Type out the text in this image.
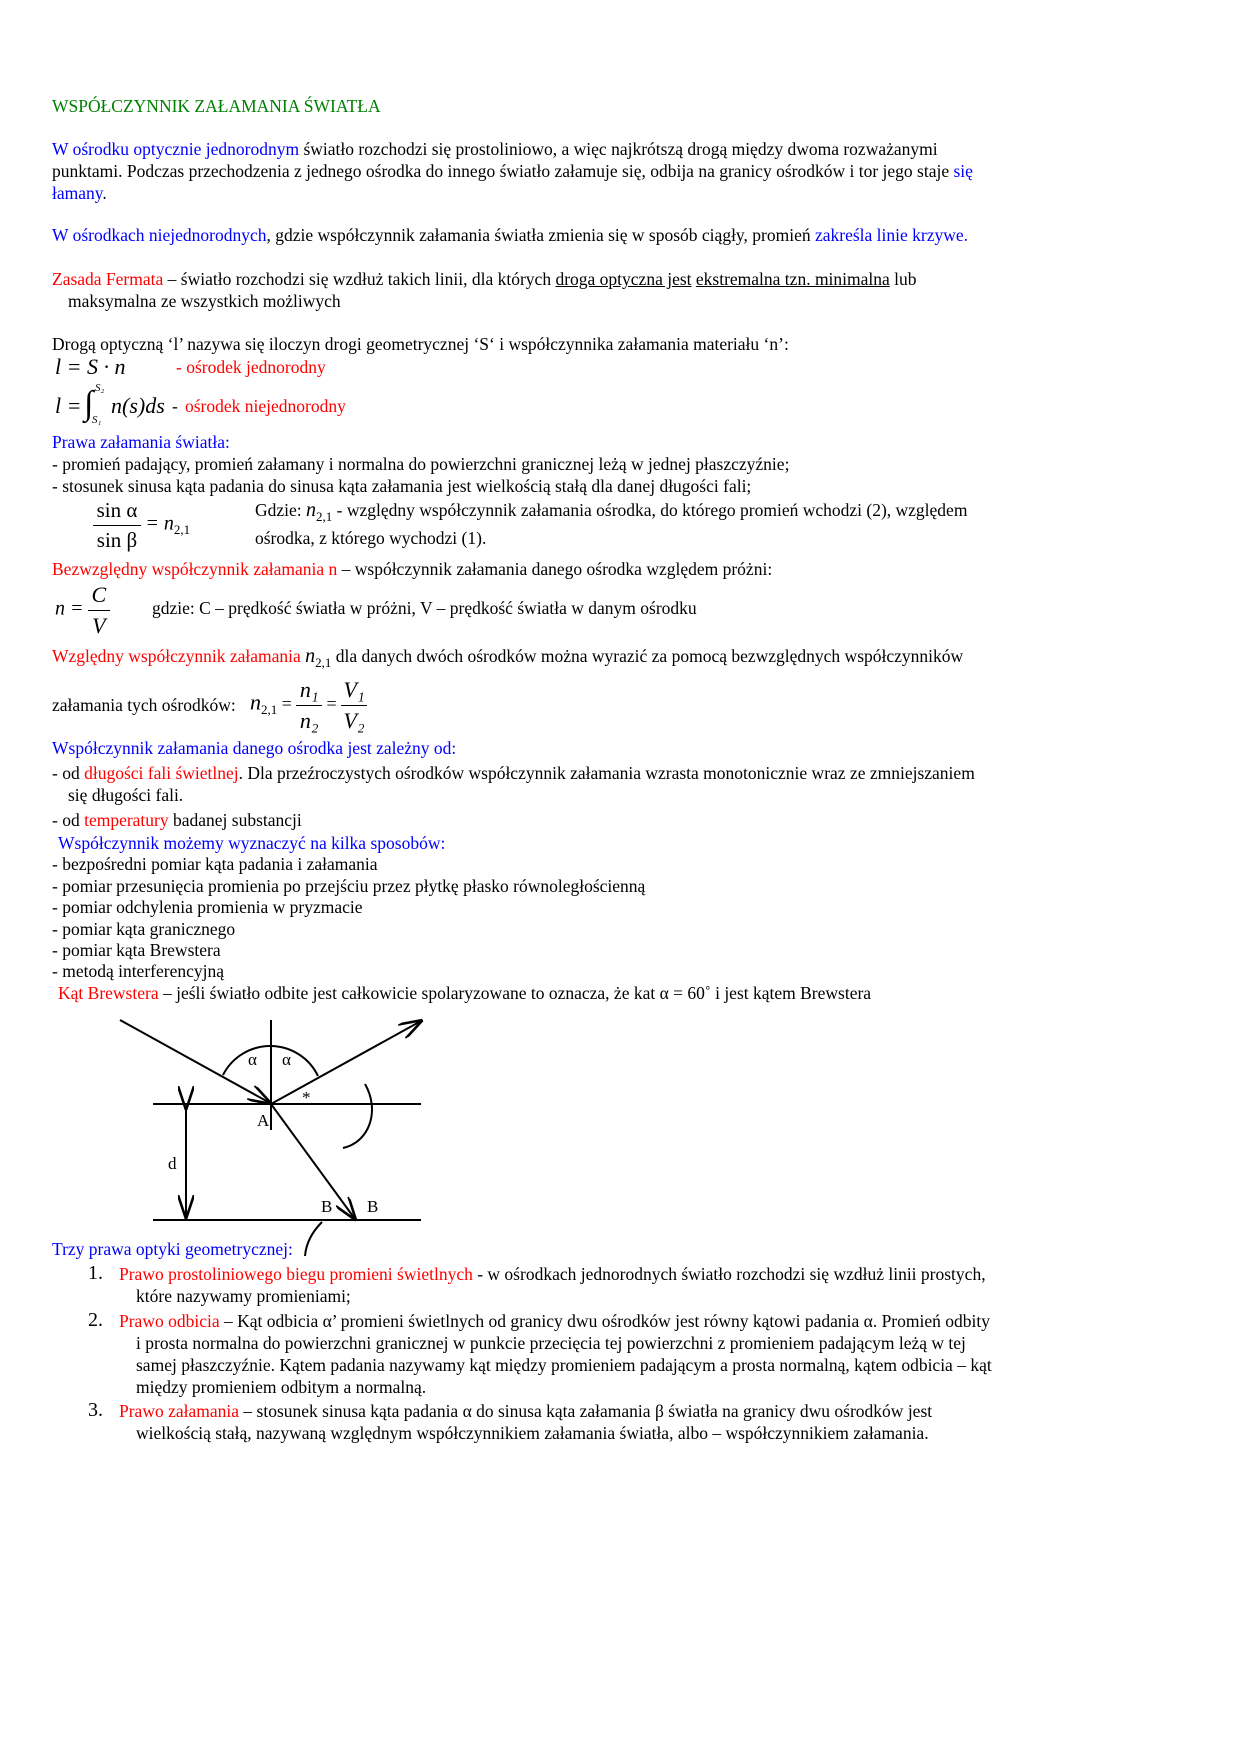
WSPÓŁCZYNNIK ZAŁAMANIA ŚWIATŁA
W ośrodku optycznie jednorodnym światło rozchodzi się prostoliniowo, a więc najkrótszą drogą między dwoma rozważanymi
punktami. Podczas przechodzenia z jednego ośrodka do innego światło załamuje się, odbija na granicy ośrodków i tor jego staje się
łamany.
W ośrodkach niejednorodnych, gdzie współczynnik załamania światła zmienia się w sposób ciągły, promień zakreśla linie krzywe.
Zasada Fermata – światło rozchodzi się wzdłuż takich linii, dla których droga optyczna jest ekstremalna tzn. minimalna lub
maksymalna ze wszystkich możliwych
Drogą optyczną ‘l’ nazywa się iloczyn drogi geometrycznej ‘S‘ i współczynnika załamania materiału ‘n’:
Prawa załamania światła:
- promień padający, promień załamany i normalna do powierzchni granicznej leżą w jednej płaszczyźnie;
- stosunek sinusa kąta padania do sinusa kąta załamania jest wielkością stałą dla danej długości fali;
Gdzie: $n_{2,1}$ - względny współczynnik załamania ośrodka, do którego promień wchodzi (2), względem
ośrodka, z którego wychodzi (1).
Bezwzględny współczynnik załamania n – współczynnik załamania danego ośrodka względem próżni:
gdzie: C – prędkość światła w próżni, V – prędkość światła w danym ośrodku
Względny współczynnik załamania $n_{2,1}$ dla danych dwóch ośrodków można wyrazić za pomocą bezwzględnych współczynników
załamania tych ośrodków:
Współczynnik załamania danego ośrodka jest zależny od:
- od długości fali świetlnej. Dla przeźroczystych ośrodków współczynnik załamania wzrasta monotonicznie wraz ze zmniejszaniem
się długości fali.
- od temperatury badanej substancji
Współczynnik możemy wyznaczyć na kilka sposobów:
- bezpośredni pomiar kąta padania i załamania
- pomiar przesunięcia promienia po przejściu przez płytkę płasko równoległościenną
- pomiar odchylenia promienia w pryzmacie
- pomiar kąta granicznego
- pomiar kąta Brewstera
- metodą interferencyjną
Kąt Brewstera – jeśli światło odbite jest całkowicie spolaryzowane to oznacza, że kat α = 60˚ i jest kątem Brewstera
Trzy prawa optyki geometrycznej:
1. Prawo prostoliniowego biegu promieni świetlnych - w ośrodkach jednorodnych światło rozchodzi się wzdłuż linii prostych,
które nazywamy promieniami;
2. Prawo odbicia – Kąt odbicia α’ promieni świetlnych od granicy dwu ośrodków jest równy kątowi padania α. Promień odbity
i prosta normalna do powierzchni granicznej w punkcie przecięcia tej powierzchni z promieniem padającym leżą w tej
samej płaszczyźnie. Kątem padania nazywamy kąt między promieniem padającym a prosta normalną, kątem odbicia – kąt
między promieniem odbitym a normalną.
3. Prawo załamania – stosunek sinusa kąta padania α do sinusa kąta załamania β światła na granicy dwu ośrodków jest
wielkością stałą, nazywaną względnym współczynnikiem załamania światła, albo – współczynnikiem załamania.
l = S · n	- ośrodek jednorodny
l = ∫ S₂
S₁
n(s)ds - ośrodek niejednorodny
$\frac{\text{sin α}}{\text{sin β}} = n_{2,1}$
$n = \frac{C}{V}$
$n_{2,1} = \frac{\text{n₁}}{\text{n₂}} = \frac{\text{V₁}}{\text{V₂}}$
α α
*
A
B B
d
